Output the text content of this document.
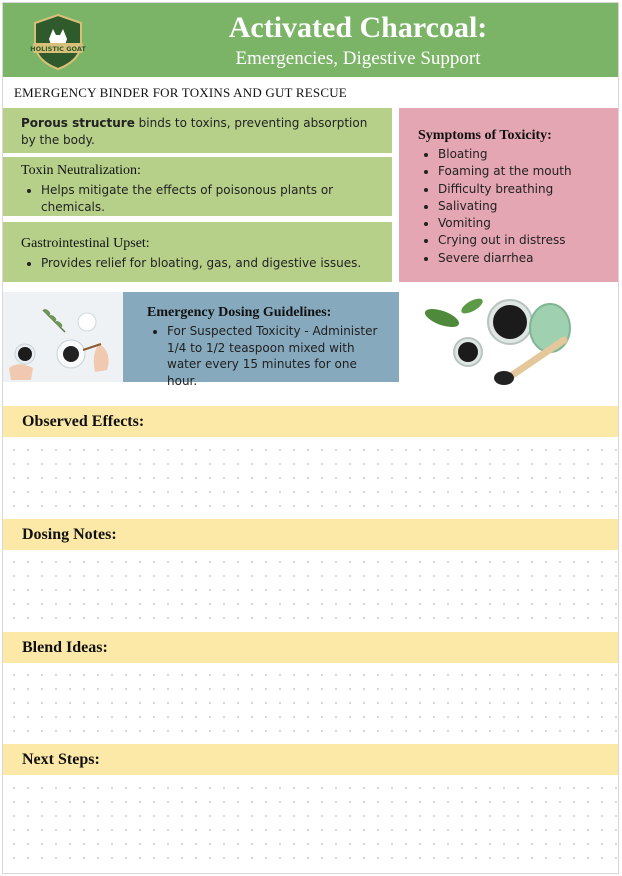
HOLISTIC GOAT
Activated Charcoal:
Emergencies, Digestive Support
EMERGENCY BINDER FOR TOXINS AND GUT RESCUE

Porous structure binds to toxins, preventing absorption by the body.

Toxin Neutralization:
• Helps mitigate the effects of poisonous plants or chemicals.
Gastrointestinal Upset:
• Provides relief for bloating, gas, and digestive issues.
Symptoms of Toxicity:
• Bloating
• Foaming at the mouth
• Difficulty breathing
• Salivating
• Vomiting
• Crying out in distress
• Severe diarrhea
Emergency Dosing Guidelines:
• For Suspected Toxicity - Administer 1/4 to 1/2 teaspoon mixed with water every 15 minutes for one hour.
Observed Effects:
Dosing Notes:
Blend Ideas:
Next Steps:
